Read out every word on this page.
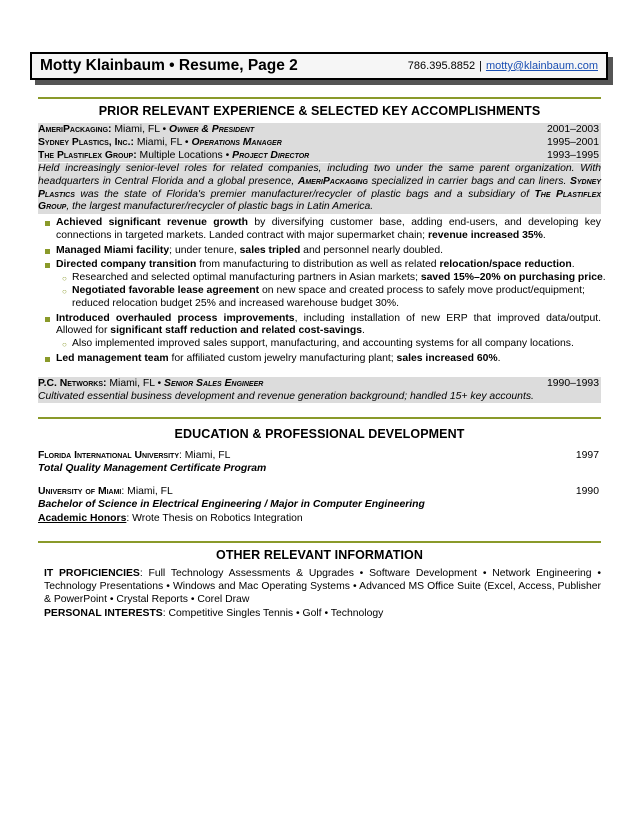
Motty Klainbaum • Resume, Page 2	786.395.8852 | motty@klainbaum.com
PRIOR RELEVANT EXPERIENCE & SELECTED KEY ACCOMPLISHMENTS
AmeriPackaging: Miami, FL • Owner & President	2001–2003
Sydney Plastics, Inc.: Miami, FL • Operations Manager	1995–2001
The Plastiflex Group: Multiple Locations • Project Director	1993–1995
Held increasingly senior-level roles for related companies, including two under the same parent organization. With
headquarters in Central Florida and a global presence, AmeriPackaging specialized in carrier bags and can liners. Sydney
Plastics was the state of Florida's premier manufacturer/recycler of plastic bags and a subsidiary of The Plastiflex
Group, the largest manufacturer/recycler of plastic bags in Latin America.
Achieved significant revenue growth by diversifying customer base, adding end-users, and developing key
connections in targeted markets. Landed contract with major supermarket chain; revenue increased 35%.
Managed Miami facility; under tenure, sales tripled and personnel nearly doubled.
Directed company transition from manufacturing to distribution as well as related relocation/space reduction.
○ Researched and selected optimal manufacturing partners in Asian markets; saved 15%–20% on purchasing price.
○ Negotiated favorable lease agreement on new space and created process to safely move product/equipment;
reduced relocation budget 25% and increased warehouse budget 30%.
Introduced overhauled process improvements, including installation of new ERP that improved data/output.
Allowed for significant staff reduction and related cost-savings.
○ Also implemented improved sales support, manufacturing, and accounting systems for all company locations.
Led management team for affiliated custom jewelry manufacturing plant; sales increased 60%.
P.C. Networks: Miami, FL • Senior Sales Engineer	1990–1993
Cultivated essential business development and revenue generation background; handled 15+ key accounts.
EDUCATION & PROFESSIONAL DEVELOPMENT
Florida International University: Miami, FL	1997
Total Quality Management Certificate Program
University of Miami: Miami, FL	1990
Bachelor of Science in Electrical Engineering / Major in Computer Engineering
Academic Honors: Wrote Thesis on Robotics Integration
OTHER RELEVANT INFORMATION
IT PROFICIENCIES: Full Technology Assessments & Upgrades • Software Development • Network Engineering •
Technology Presentations • Windows and Mac Operating Systems • Advanced MS Office Suite (Excel, Access, Publisher
& PowerPoint • Crystal Reports • Corel Draw
PERSONAL INTERESTS: Competitive Singles Tennis • Golf • Technology
